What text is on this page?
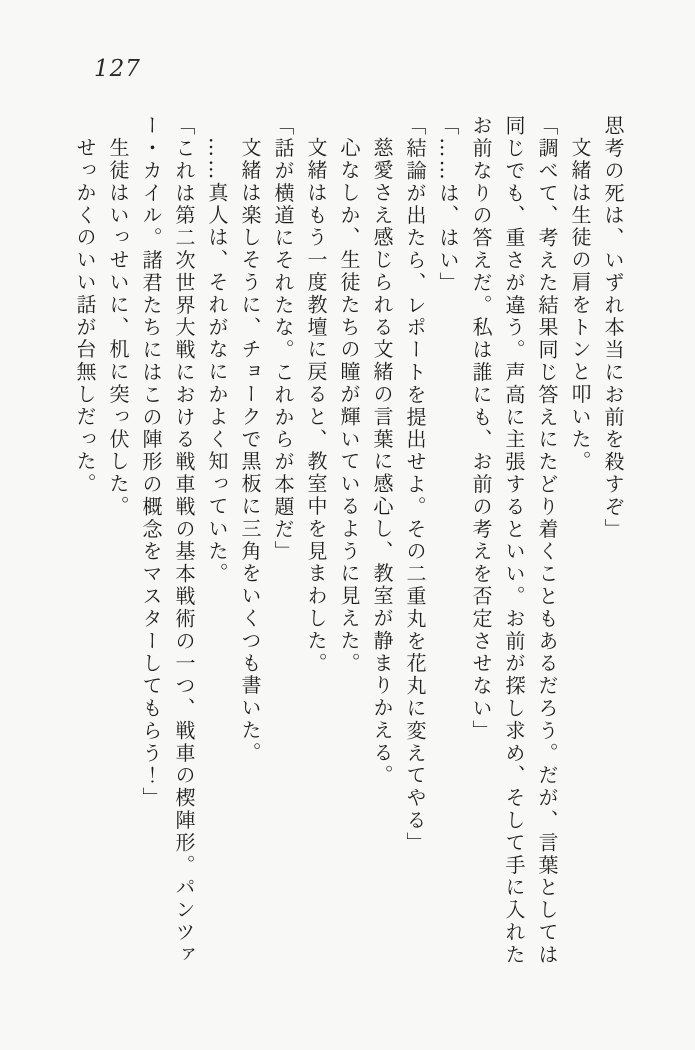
127

思考の死は、いずれ本当にお前を殺すぞ」

文緒は生徒の肩をトンと叩いた。

「調べて、考えた結果同じ答えにたどり着くこともあるだろう。だが、言葉としては

同じでも、重さが違う。声高に主張するといい。お前が探し求め、そして手に入れた

お前なりの答えだ。私は誰にも、お前の考えを否定させない」

「……は、はい」

「結論が出たら、レポートを提出せよ。その二重丸を花丸に変えてやる」

慈愛さえ感じられる文緒の言葉に感心し、教室が静まりかえる。

心なしか、生徒たちの瞳が輝いているように見えた。

文緒はもう一度教壇に戻ると、教室中を見まわした。

「話が横道にそれたな。これからが本題だ」

文緒は楽しそうに、チョークで黒板に三角をいくつも書いた。

……真人は、それがなにかよく知っていた。

「これは第二次世界大戦における戦車戦の基本戦術の一つ、戦車の楔陣形。パンツァ

ー・カイル。諸君たちにはこの陣形の概念をマスターしてもらう！」

生徒はいっせいに、机に突っ伏した。

せっかくのいい話が台無しだった。
